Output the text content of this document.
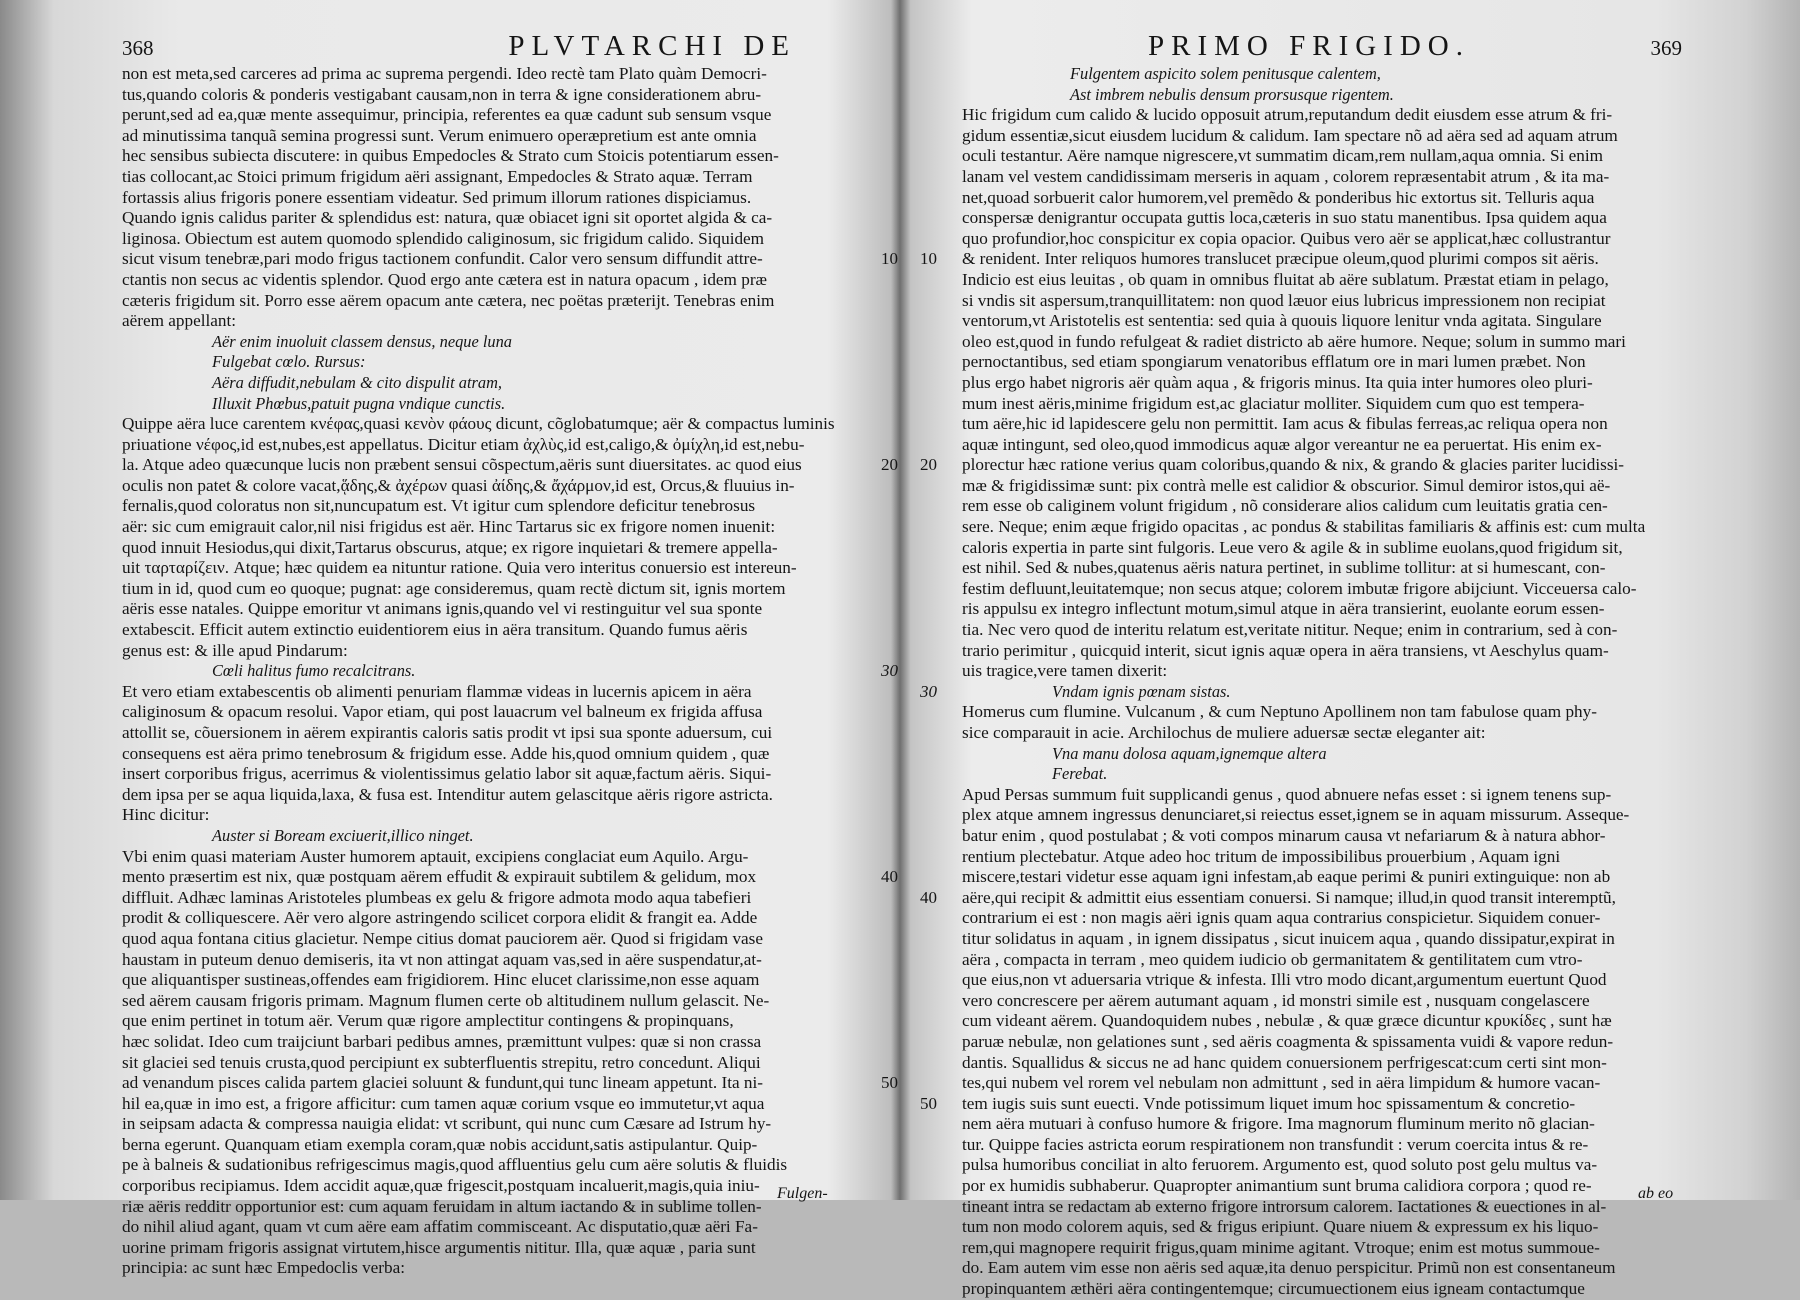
368	PLVTARCHI DE
non est meta,sed carceres ad prima ac suprema pergendi. Ideo rectè tam Plato quàm Democri-
tus,quando coloris & ponderis vestigabant causam,non in terra & igne considerationem abru-
perunt,sed ad ea,quæ mente assequimur, principia, referentes ea quæ cadunt sub sensum vsque
ad minutissima tanquã semina progressi sunt. Verum enimuero operæpretium est ante omnia
hec sensibus subiecta discutere: in quibus Empedocles & Strato cum Stoicis potentiarum essen-
tias collocant,ac Stoici primum frigidum aëri assignant, Empedocles & Strato aquæ. Terram
fortassis alius frigoris ponere essentiam videatur. Sed primum illorum rationes dispiciamus.
Quando ignis calidus pariter & splendidus est: natura, quæ obiacet igni sit oportet algida & ca-
liginosa. Obiectum est autem quomodo splendido caliginosum, sic frigidum calido. Siquidem
sicut visum tenebræ,pari modo frigus tactionem confundit. Calor vero sensum diffundit attre-	10
ctantis non secus ac videntis splendor. Quod ergo ante cætera est in natura opacum , idem præ
cæteris frigidum sit. Porro esse aërem opacum ante cætera, nec poëtas præterijt. Tenebras enim
aërem appellant:
Aër enim inuoluit classem densus, neque luna
Fulgebat cœlo. Rursus:
Aëra diffudit,nebulam & cito dispulit atram,
Illuxit Phœbus,patuit pugna vndique cunctis.
Quippe aëra luce carentem κνέφας,quasi κενὸν φάους dicunt, cõglobatumque; aër & compactus luminis
priuatione νέφος,id est,nubes,est appellatus. Dicitur etiam ἀχλὺς,id est,caligo,& ὀμίχλη,id est,nebu-
la. Atque adeo quæcunque lucis non præbent sensui cõspectum,aëris sunt diuersitates. ac quod eius	20
oculis non patet & colore vacat,ᾅδης,& ἀχέρων quasi ἀίδης,& ἄχάρμον,id est, Orcus,& fluuius in-
fernalis,quod coloratus non sit,nuncupatum est. Vt igitur cum splendore deficitur tenebrosus
aër: sic cum emigrauit calor,nil nisi frigidus est aër. Hinc Tartarus sic ex frigore nomen inuenit:
quod innuit Hesiodus,qui dixit,Tartarus obscurus, atque; ex rigore inquietari & tremere appella-
uit ταρταρίζειν. Atque; hæc quidem ea nituntur ratione. Quia vero interitus conuersio est intereun-
tium in id, quod cum eo quoque; pugnat: age consideremus, quam rectè dictum sit, ignis mortem
aëris esse natales. Quippe emoritur vt animans ignis,quando vel vi restinguitur vel sua sponte
extabescit. Efficit autem extinctio euidentiorem eius in aëra transitum. Quando fumus aëris
genus est: & ille apud Pindarum:
Cœli halitus fumo recalcitrans.	30
Et vero etiam extabescentis ob alimenti penuriam flammæ videas in lucernis apicem in aëra
caliginosum & opacum resolui. Vapor etiam, qui post lauacrum vel balneum ex frigida affusa
attollit se, cõuersionem in aërem expirantis caloris satis prodit vt ipsi sua sponte aduersum, cui
consequens est aëra primo tenebrosum & frigidum esse. Adde his,quod omnium quidem , quæ
insert corporibus frigus, acerrimus & violentissimus gelatio labor sit aquæ,factum aëris. Siqui-
dem ipsa per se aqua liquida,laxa, & fusa est. Intenditur autem gelascitque aëris rigore astricta.
Hinc dicitur:
Auster si Boream exciuerit,illico ninget.
Vbi enim quasi materiam Auster humorem aptauit, excipiens conglaciat eum Aquilo. Argu-
mento præsertim est nix, quæ postquam aërem effudit & expirauit subtilem & gelidum, mox	40
diffluit. Adhæc laminas Aristoteles plumbeas ex gelu & frigore admota modo aqua tabefieri
prodit & colliquescere. Aër vero algore astringendo scilicet corpora elidit & frangit ea. Adde
quod aqua fontana citius glacietur. Nempe citius domat pauciorem aër. Quod si frigidam vase
haustam in puteum denuo demiseris, ita vt non attingat aquam vas,sed in aëre suspendatur,at-
que aliquantisper sustineas,offendes eam frigidiorem. Hinc elucet clarissime,non esse aquam
sed aërem causam frigoris primam. Magnum flumen certe ob altitudinem nullum gelascit. Ne-
que enim pertinet in totum aër. Verum quæ rigore amplectitur contingens & propinquans,
hæc solidat. Ideo cum traijciunt barbari pedibus amnes, præmittunt vulpes: quæ si non crassa
sit glaciei sed tenuis crusta,quod percipiunt ex subterfluentis strepitu, retro concedunt. Aliqui
ad venandum pisces calida partem glaciei soluunt & fundunt,qui tunc lineam appetunt. Ita ni-	50
hil ea,quæ in imo est, a frigore afficitur: cum tamen aquæ corium vsque eo immutetur,vt aqua
in seipsam adacta & compressa nauigia elidat: vt scribunt, qui nunc cum Cæsare ad Istrum hy-
berna egerunt. Quanquam etiam exempla coram,quæ nobis accidunt,satis astipulantur. Quip-
pe à balneis & sudationibus refrigescimus magis,quod affluentius gelu cum aëre solutis & fluidis
corporibus recipiamus. Idem accidit aquæ,quæ frigescit,postquam incaluerit,magis,quia iniu-
riæ aëris redditr opportunior est: cum aquam feruidam in altum iactando & in sublime tollen-
do nihil aliud agant, quam vt cum aëre eam affatim commisceant. Ac disputatio,quæ aëri Fa-
uorine primam frigoris assignat virtutem,hisce argumentis nititur. Illa, quæ aquæ , paria sunt
principia: ac sunt hæc Empedoclis verba:
Fulgen-
PRIMO FRIGIDO.	369
Fulgentem aspicito solem penitusque calentem,
Ast imbrem nebulis densum prorsusque rigentem.
Hic frigidum cum calido & lucido opposuit atrum,reputandum dedit eiusdem esse atrum & fri-
gidum essentiæ,sicut eiusdem lucidum & calidum. Iam spectare nõ ad aëra sed ad aquam atrum
oculi testantur. Aëre namque nigrescere,vt summatim dicam,rem nullam,aqua omnia. Si enim
lanam vel vestem candidissimam merseris in aquam , colorem repræsentabit atrum , & ita ma-
net,quoad sorbuerit calor humorem,vel premẽdo & ponderibus hic extortus sit. Telluris aqua
conspersæ denigrantur occupata guttis loca,cæteris in suo statu manentibus. Ipsa quidem aqua
quo profundior,hoc conspicitur ex copia opacior. Quibus vero aër se applicat,hæc collustrantur
& renident. Inter reliquos humores translucet præcipue oleum,quod plurimi compos sit aëris.
10
Indicio est eius leuitas , ob quam in omnibus fluitat ab aëre sublatum. Præstat etiam in pelago,
si vndis sit aspersum,tranquillitatem: non quod læuor eius lubricus impressionem non recipiat
ventorum,vt Aristotelis est sententia: sed quia à quouis liquore lenitur vnda agitata. Singulare
oleo est,quod in fundo refulgeat & radiet districto ab aëre humore. Neque; solum in summo mari
pernoctantibus, sed etiam spongiarum venatoribus efflatum ore in mari lumen præbet. Non
plus ergo habet nigroris aër quàm aqua , & frigoris minus. Ita quia inter humores oleo pluri-
mum inest aëris,minime frigidum est,ac glaciatur molliter. Siquidem cum quo est tempera-
tum aëre,hic id lapidescere gelu non permittit. Iam acus & fibulas ferreas,ac reliqua opera non
aquæ intingunt, sed oleo,quod immodicus aquæ algor vereantur ne ea peruertat. His enim ex-
plorectur hæc ratione verius quam coloribus,quando & nix, & grando & glacies pariter lucidissi-
20
mæ & frigidissimæ sunt: pix contrà melle est calidior & obscurior. Simul demiror istos,qui aë-
rem esse ob caliginem volunt frigidum , nõ considerare alios calidum cum leuitatis gratia cen-
sere. Neque; enim æque frigido opacitas , ac pondus & stabilitas familiaris & affinis est: cum multa
caloris expertia in parte sint fulgoris. Leue vero & agile & in sublime euolans,quod frigidum sit,
est nihil. Sed & nubes,quatenus aëris natura pertinet, in sublime tollitur: at si humescant, con-
festim defluunt,leuitatemque; non secus atque; colorem imbutæ frigore abijciunt. Vicceuersa calo-
ris appulsu ex integro inflectunt motum,simul atque in aëra transierint, euolante eorum essen-
tia. Nec vero quod de interitu relatum est,veritate nititur. Neque; enim in contrarium, sed à con-
trario perimitur , quicquid interit, sicut ignis aquæ opera in aëra transiens, vt Aeschylus quam-
uis tragice,vere tamen dixerit:
Vndam ignis pœnam sistas.
30
Homerus cum flumine. Vulcanum , & cum Neptuno Apollinem non tam fabulose quam phy-
sice comparauit in acie. Archilochus de muliere aduersæ sectæ eleganter ait:
Vna manu dolosa aquam,ignemque altera
Ferebat.
Apud Persas summum fuit supplicandi genus , quod abnuere nefas esset : si ignem tenens sup-
plex atque amnem ingressus denunciaret,si reiectus esset,ignem se in aquam missurum. Asseque-
batur enim , quod postulabat ; & voti compos minarum causa vt nefariarum & à natura abhor-
rentium plectebatur. Atque adeo hoc tritum de impossibilibus prouerbium , Aquam igni
miscere,testari videtur esse aquam igni infestam,ab eaque perimi & puniri extinguique: non ab
aëre,qui recipit & admittit eius essentiam conuersi. Si namque; illud,in quod transit interemptũ,
40
contrarium ei est : non magis aëri ignis quam aqua contrarius conspicietur. Siquidem conuer-
titur solidatus in aquam , in ignem dissipatus , sicut inuicem aqua , quando dissipatur,expirat in
aëra , compacta in terram , meo quidem iudicio ob germanitatem & gentilitatem cum vtro-
que eius,non vt aduersaria vtrique & infesta. Illi vtro modo dicant,argumentum euertunt Quod
vero concrescere per aërem autumant aquam , id monstri simile est , nusquam congelascere
cum videant aërem. Quandoquidem nubes , nebulæ , & quæ græce dicuntur κρυκίδες , sunt hæ
paruæ nebulæ, non gelationes sunt , sed aëris coagmenta & spissamenta vuidi & vapore redun-
dantis. Squallidus & siccus ne ad hanc quidem conuersionem perfrigescat:cum certi sint mon-
tes,qui nubem vel rorem vel nebulam non admittunt , sed in aëra limpidum & humore vacan-
tem iugis suis sunt euecti. Vnde potissimum liquet imum hoc spissamentum & concretio-
50
nem aëra mutuari à confuso humore & frigore. Ima magnorum fluminum merito nõ glacian-
tur. Quippe facies astricta eorum respirationem non transfundit : verum coercita intus & re-
pulsa humoribus conciliat in alto feruorem. Argumento est, quod soluto post gelu multus va-
por ex humidis subhaberur. Quapropter animantium sunt bruma calidiora corpora ; quod re-
tineant intra se redactam ab externo frigore introrsum calorem. Iactationes & euectiones in al-
tum non modo colorem aquis, sed & frigus eripiunt. Quare niuem & expressum ex his liquo-
rem,qui magnopere requirit frigus,quam minime agitant. Vtroque; enim est motus summoue-
do. Eam autem vim esse non aëris sed aquæ,ita denuo perspicitur. Primũ non est consentaneum
propinquantem æthëri aëra contingentemque; circumuectionem eius igneam contactumque
ab eo
